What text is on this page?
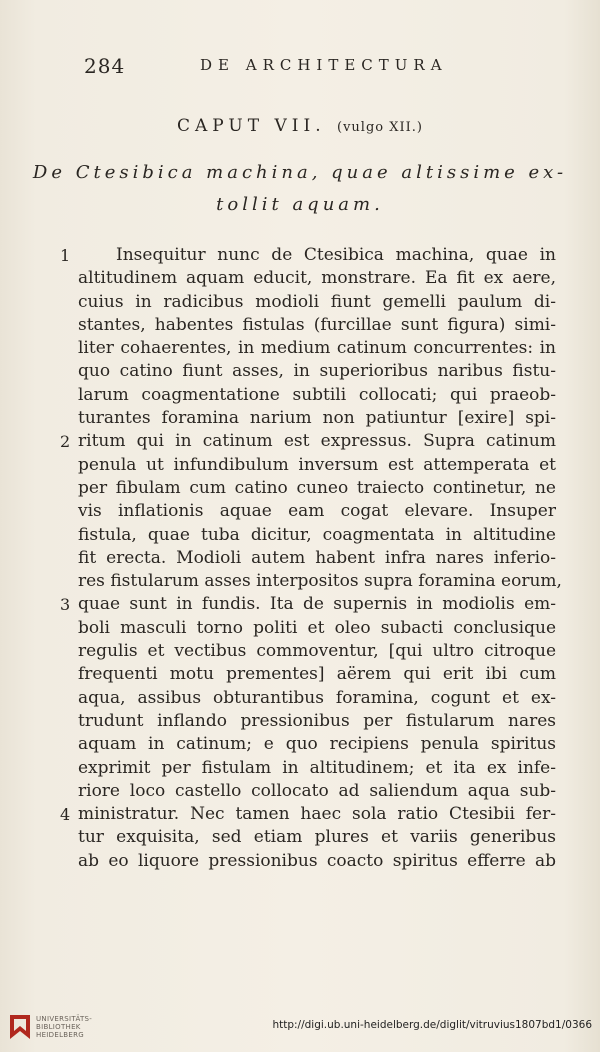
284	DE ARCHITECTURA
CAPUT VII. (vulgo XII.)
De Ctesibica machina, quae altissime ex-
tollit aquam.
Insequitur nunc de Ctesibica machina, quae in
1
altitudinem aquam educit, monstrare. Ea fit ex aere,
cuius in radicibus modioli fiunt gemelli paulum di-
stantes, habentes fistulas (furcillae sunt figura) simi-
liter cohaerentes, in medium catinum concurrentes: in
quo catino fiunt asses, in superioribus naribus fistu-
larum coagmentatione subtili collocati; qui praeob-
turantes foramina narium non patiuntur [exire] spi-
ritum qui in catinum est expressus. Supra catinum
2
penula ut infundibulum inversum est attemperata et
per fibulam cum catino cuneo traiecto continetur, ne
vis inflationis aquae eam cogat elevare. Insuper
fistula, quae tuba dicitur, coagmentata in altitudine
fit erecta. Modioli autem habent infra nares inferio-
res fistularum asses interpositos supra foramina eorum,
quae sunt in fundis. Ita de supernis in modiolis em-
3
boli masculi torno politi et oleo subacti conclusique
regulis et vectibus commoventur, [qui ultro citroque
frequenti motu prementes] aërem qui erit ibi cum
aqua, assibus obturantibus foramina, cogunt et ex-
trudunt inflando pressionibus per fistularum nares
aquam in catinum; e quo recipiens penula spiritus
exprimit per fistulam in altitudinem; et ita ex infe-
riore loco castello collocato ad saliendum aqua sub-
ministratur. Nec tamen haec sola ratio Ctesibii fer-
4
tur exquisita, sed etiam plures et variis generibus
ab eo liquore pressionibus coacto spiritus efferre ab
UNIVERSITÄTS-
BIBLIOTHEK
HEIDELBERG
http://digi.ub.uni-heidelberg.de/diglit/vitruvius1807bd1/0366
